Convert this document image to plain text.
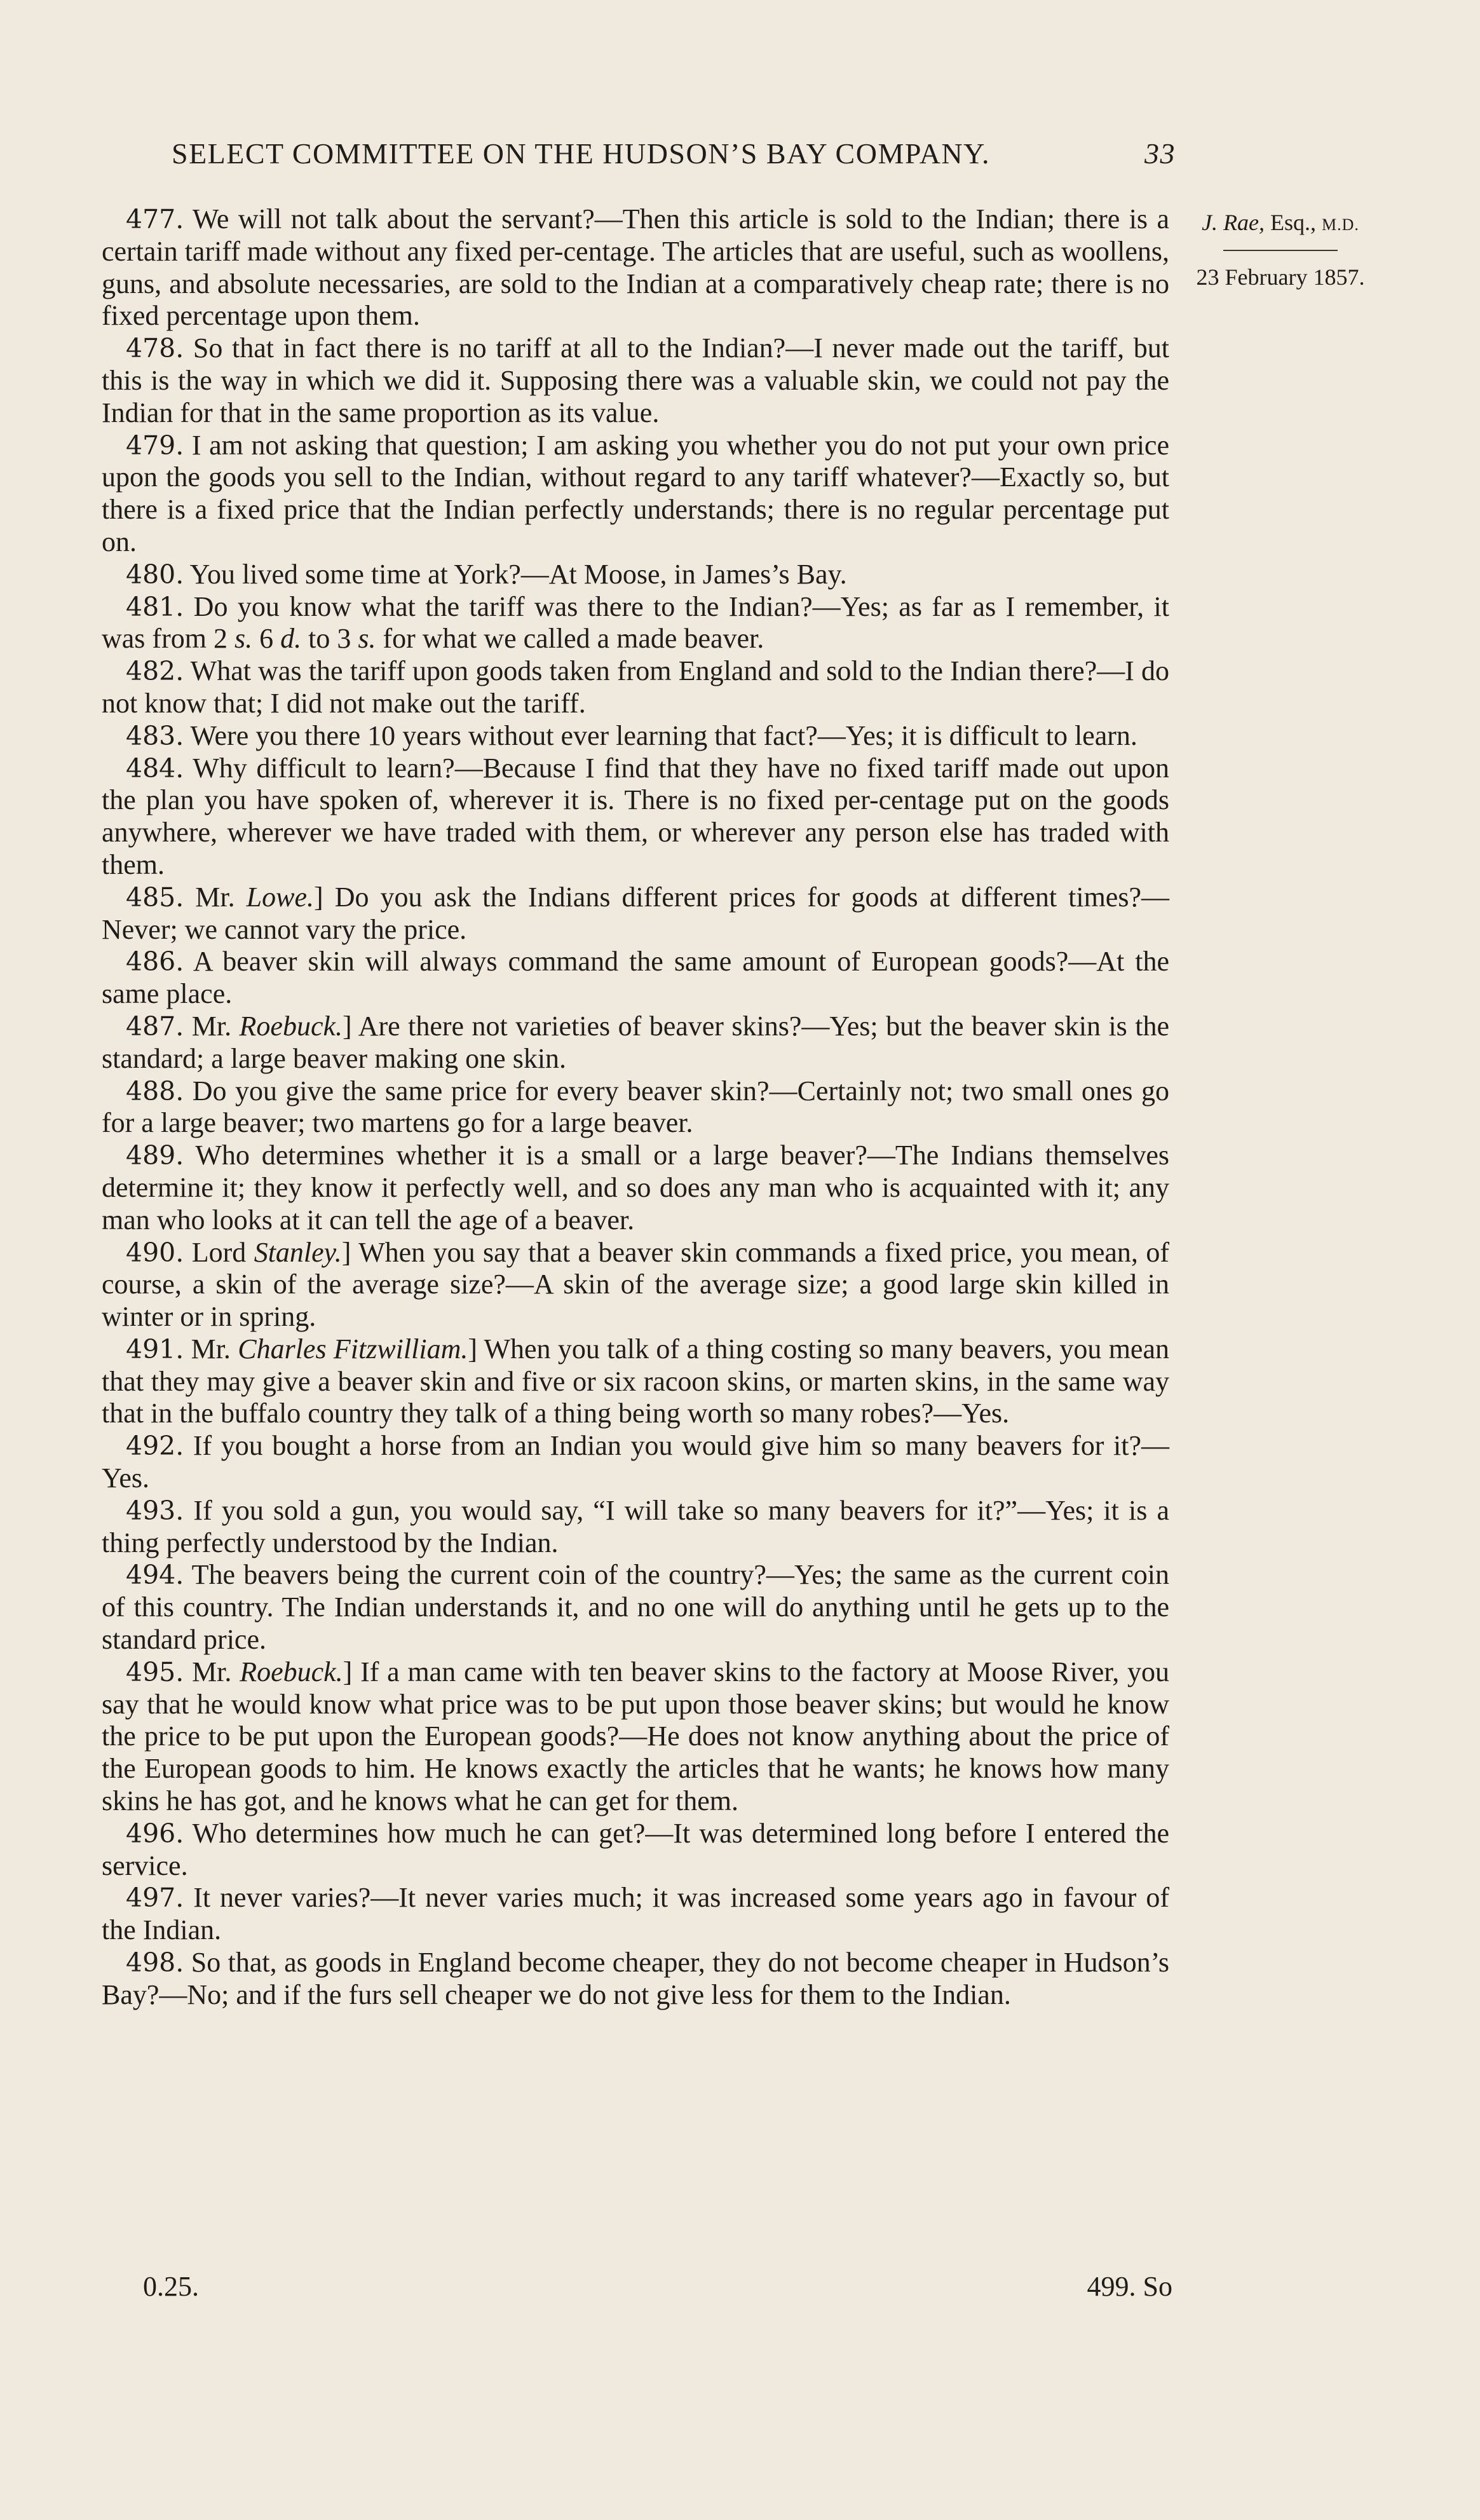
SELECT COMMITTEE ON THE HUDSON’S BAY COMPANY.	33
J. Rae, Esq., M.D.
23 February 1857.

477. We will not talk about the servant?—Then this article is sold to the Indian; there is a certain tariff made without any fixed per-centage. The articles that are useful, such as woollens, guns, and absolute necessaries, are sold to the Indian at a comparatively cheap rate; there is no fixed percentage upon them.

478. So that in fact there is no tariff at all to the Indian?—I never made out the tariff, but this is the way in which we did it. Supposing there was a valuable skin, we could not pay the Indian for that in the same proportion as its value.

479. I am not asking that question; I am asking you whether you do not put your own price upon the goods you sell to the Indian, without regard to any tariff whatever?—Exactly so, but there is a fixed price that the Indian perfectly understands; there is no regular percentage put on.

480. You lived some time at York?—At Moose, in James’s Bay.

481. Do you know what the tariff was there to the Indian?—Yes; as far as I remember, it was from 2 s. 6 d. to 3 s. for what we called a made beaver.

482. What was the tariff upon goods taken from England and sold to the Indian there?—I do not know that; I did not make out the tariff.

483. Were you there 10 years without ever learning that fact?—Yes; it is difficult to learn.

484. Why difficult to learn?—Because I find that they have no fixed tariff made out upon the plan you have spoken of, wherever it is. There is no fixed per-centage put on the goods anywhere, wherever we have traded with them, or wherever any person else has traded with them.

485. Mr. Lowe.] Do you ask the Indians different prices for goods at different times?—Never; we cannot vary the price.

486. A beaver skin will always command the same amount of European goods?—At the same place.

487. Mr. Roebuck.] Are there not varieties of beaver skins?—Yes; but the beaver skin is the standard; a large beaver making one skin.

488. Do you give the same price for every beaver skin?—Certainly not; two small ones go for a large beaver; two martens go for a large beaver.

489. Who determines whether it is a small or a large beaver?—The Indians themselves determine it; they know it perfectly well, and so does any man who is acquainted with it; any man who looks at it can tell the age of a beaver.

490. Lord Stanley.] When you say that a beaver skin commands a fixed price, you mean, of course, a skin of the average size?—A skin of the average size; a good large skin killed in winter or in spring.

491. Mr. Charles Fitzwilliam.] When you talk of a thing costing so many beavers, you mean that they may give a beaver skin and five or six racoon skins, or marten skins, in the same way that in the buffalo country they talk of a thing being worth so many robes?—Yes.

492. If you bought a horse from an Indian you would give him so many beavers for it?—Yes.

493. If you sold a gun, you would say, “I will take so many beavers for it?”—Yes; it is a thing perfectly understood by the Indian.

494. The beavers being the current coin of the country?—Yes; the same as the current coin of this country. The Indian understands it, and no one will do anything until he gets up to the standard price.

495. Mr. Roebuck.] If a man came with ten beaver skins to the factory at Moose River, you say that he would know what price was to be put upon those beaver skins; but would he know the price to be put upon the European goods?—He does not know anything about the price of the European goods to him. He knows exactly the articles that he wants; he knows how many skins he has got, and he knows what he can get for them.

496. Who determines how much he can get?—It was determined long before I entered the service.

497. It never varies?—It never varies much; it was increased some years ago in favour of the Indian.

498. So that, as goods in England become cheaper, they do not become cheaper in Hudson’s Bay?—No; and if the furs sell cheaper we do not give less for them to the Indian.

0.25.	499. So
